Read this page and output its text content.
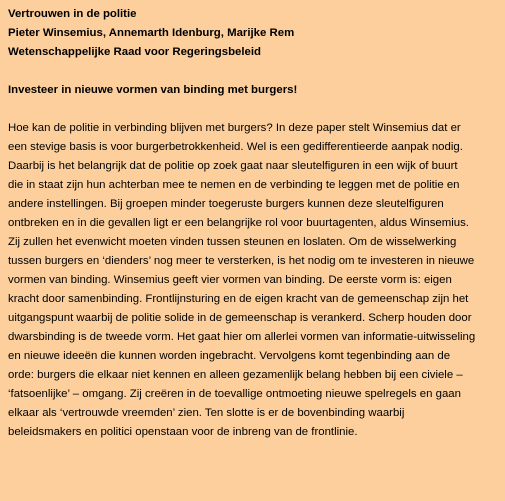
Vertrouwen in de politie
Pieter Winsemius, Annemarth Idenburg, Marijke Rem
Wetenschappelijke Raad voor Regeringsbeleid
Investeer in nieuwe vormen van binding met burgers!
Hoe kan de politie in verbinding blijven met burgers? In deze paper stelt Winsemius dat er
een stevige basis is voor burgerbetrokkenheid. Wel is een gedifferentieerde aanpak nodig.
Daarbij is het belangrijk dat de politie op zoek gaat naar sleutelfiguren in een wijk of buurt
die in staat zijn hun achterban mee te nemen en de verbinding te leggen met de politie en
andere instellingen. Bij groepen minder toegeruste burgers kunnen deze sleutelfiguren
ontbreken en in die gevallen ligt er een belangrijke rol voor buurtagenten, aldus Winsemius.
Zij zullen het evenwicht moeten vinden tussen steunen en loslaten. Om de wisselwerking
tussen burgers en ‘dienders’ nog meer te versterken, is het nodig om te investeren in nieuwe
vormen van binding. Winsemius geeft vier vormen van binding. De eerste vorm is: eigen
kracht door samenbinding. Frontlijnsturing en de eigen kracht van de gemeenschap zijn het
uitgangspunt waarbij de politie solide in de gemeenschap is verankerd. Scherp houden door
dwarsbinding is de tweede vorm. Het gaat hier om allerlei vormen van informatie-uitwisseling
en nieuwe ideeën die kunnen worden ingebracht. Vervolgens komt tegenbinding aan de
orde: burgers die elkaar niet kennen en alleen gezamenlijk belang hebben bij een civiele –
‘fatsoenlijke’ – omgang. Zij creëren in de toevallige ontmoeting nieuwe spelregels en gaan
elkaar als ‘vertrouwde vreemden’ zien. Ten slotte is er de bovenbinding waarbij
beleidsmakers en politici openstaan voor de inbreng van de frontlinie.
